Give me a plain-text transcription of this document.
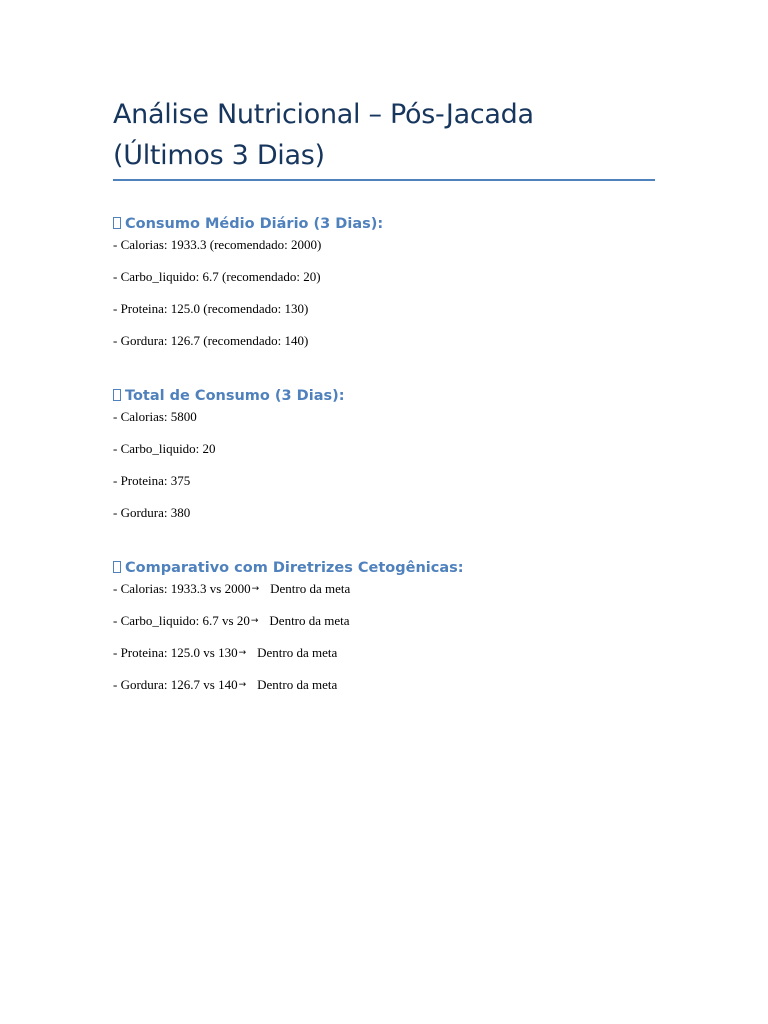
Análise Nutricional – Pós-Jacada
(Últimos 3 Dias)
Consumo Médio Diário (3 Dias):

- Calorias: 1933.3 (recomendado: 2000)

- Carbo_liquido: 6.7 (recomendado: 20)

- Proteina: 125.0 (recomendado: 130)

- Gordura: 126.7 (recomendado: 140)

Total de Consumo (3 Dias):

- Calorias: 5800

- Carbo_liquido: 20

- Proteina: 375

- Gordura: 380

Comparativo com Diretrizes Cetogênicas:

- Calorias: 1933.3 vs 2000→ Dentro da meta

- Carbo_liquido: 6.7 vs 20→ Dentro da meta

- Proteina: 125.0 vs 130→ Dentro da meta

- Gordura: 126.7 vs 140→ Dentro da meta
